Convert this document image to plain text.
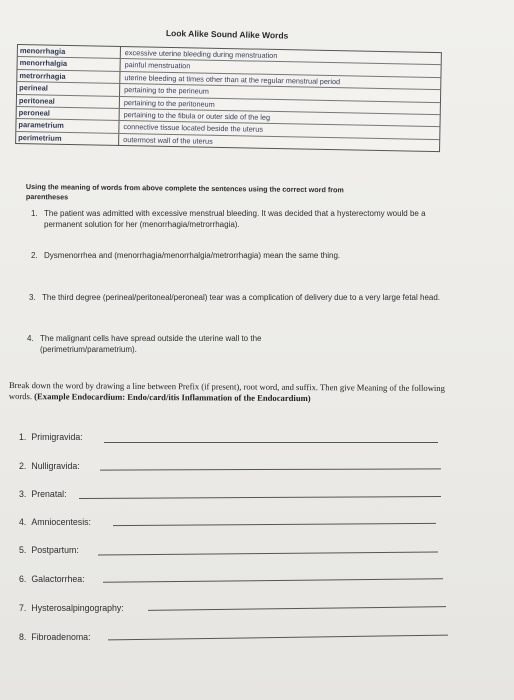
Look Alike Sound Alike Words
menorrhagia	excessive uterine bleeding during menstruation
menorrhalgia	painful menstruation
metrorrhagia	uterine bleeding at times other than at the regular menstrual period
perineal	pertaining to the perineum
peritoneal	pertaining to the peritoneum
peroneal	pertaining to the fibula or outer side of the leg
parametrium	connective tissue located beside the uterus
perimetrium	outermost wall of the uterus
Using the meaning of words from above complete the sentences using the correct word from
parentheses
1. The patient was admitted with excessive menstrual bleeding. It was decided that a hysterectomy would be a permanent solution for her (menorrhagia/metrorrhagia).
2. Dysmenorrhea and (menorrhagia/menorrhalgia/metrorrhagia) mean the same thing.
3. The third degree (perineal/peritoneal/peroneal) tear was a complication of delivery due to a very large fetal head.
4. The malignant cells have spread outside the uterine wall to the (perimetrium/parametrium).
Break down the word by drawing a line between Prefix (if present), root word, and suffix. Then give Meaning of the following words. (Example Endocardium: Endo/card/itis Inflammation of the Endocardium)
1. Primigravida:
2. Nulligravida:
3. Prenatal:
4. Amniocentesis:
5. Postpartum:
6. Galactorrhea:
7. Hysterosalpingography:
8. Fibroadenoma:
